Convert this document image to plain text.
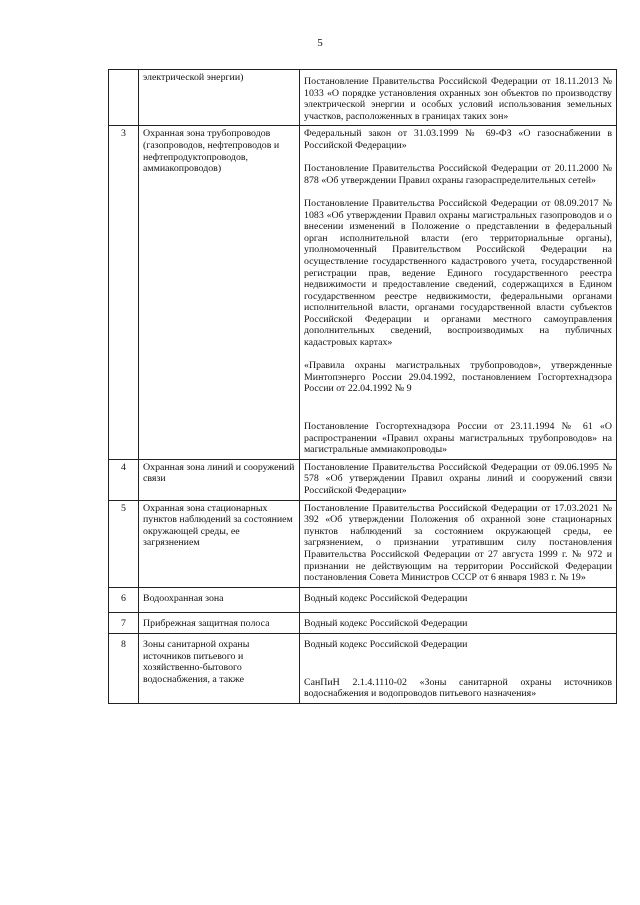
5
	электрической энергии)	Постановление Правительства Российской Федерации от 18.11.2013 № 1033 «О порядке установления охранных зон объектов по производству электрической энергии и особых условий использования земельных участков, расположенных в границах таких зон»

3	Охранная зона трубопроводов (газопроводов, нефтепроводов и нефтепродуктопроводов, аммиакопроводов)	Федеральный закон от 31.03.1999 № 69-ФЗ «О газоснабжении в Российской Федерации»

Постановление Правительства Российской Федерации от 20.11.2000 № 878 «Об утверждении Правил охраны газораспределительных сетей»

Постановление Правительства Российской Федерации от 08.09.2017 № 1083 «Об утверждении Правил охраны магистральных газопроводов и о внесении изменений в Положение о представлении в федеральный орган исполнительной власти (его территориальные органы), уполномоченный Правительством Российской Федерации на осуществление государственного кадастрового учета, государственной регистрации прав, ведение Единого государственного реестра недвижимости и предоставление сведений, содержащихся в Едином государственном реестре недвижимости, федеральными органами исполнительной власти, органами государственной власти субъектов Российской Федерации и органами местного самоуправления дополнительных сведений, воспроизводимых на публичных кадастровых картах»

«Правила охраны магистральных трубопроводов», утвержденные Минтопэнерго России 29.04.1992, постановлением Госгортехнадзора России от 22.04.1992 № 9

Постановление Госгортехнадзора России от 23.11.1994 № 61 «О распространении «Правил охраны магистральных трубопроводов» на магистральные аммиакопроводы»

4	Охранная зона линий и сооружений связи	Постановление Правительства Российской Федерации от 09.06.1995 № 578 «Об утверждении Правил охраны линий и сооружений связи Российской Федерации»

5	Охранная зона стационарных пунктов наблюдений за состоянием окружающей среды, ее загрязнением	Постановление Правительства Российской Федерации от 17.03.2021 № 392 «Об утверждении Положения об охранной зоне стационарных пунктов наблюдений за состоянием окружающей среды, ее загрязнением, о признании утратившим силу постановления Правительства Российской Федерации от 27 августа 1999 г. № 972 и признании не действующим на территории Российской Федерации постановления Совета Министров СССР от 6 января 1983 г. № 19»

6	Водоохранная зона	Водный кодекс Российской Федерации

7	Прибрежная защитная полоса	Водный кодекс Российской Федерации

8	Зоны санитарной охраны источников питьевого и хозяйственно-бытового водоснабжения, а также	Водный кодекс Российской Федерации

СанПиН 2.1.4.1110-02 «Зоны санитарной охраны источников водоснабжения и водопроводов питьевого назначения»
